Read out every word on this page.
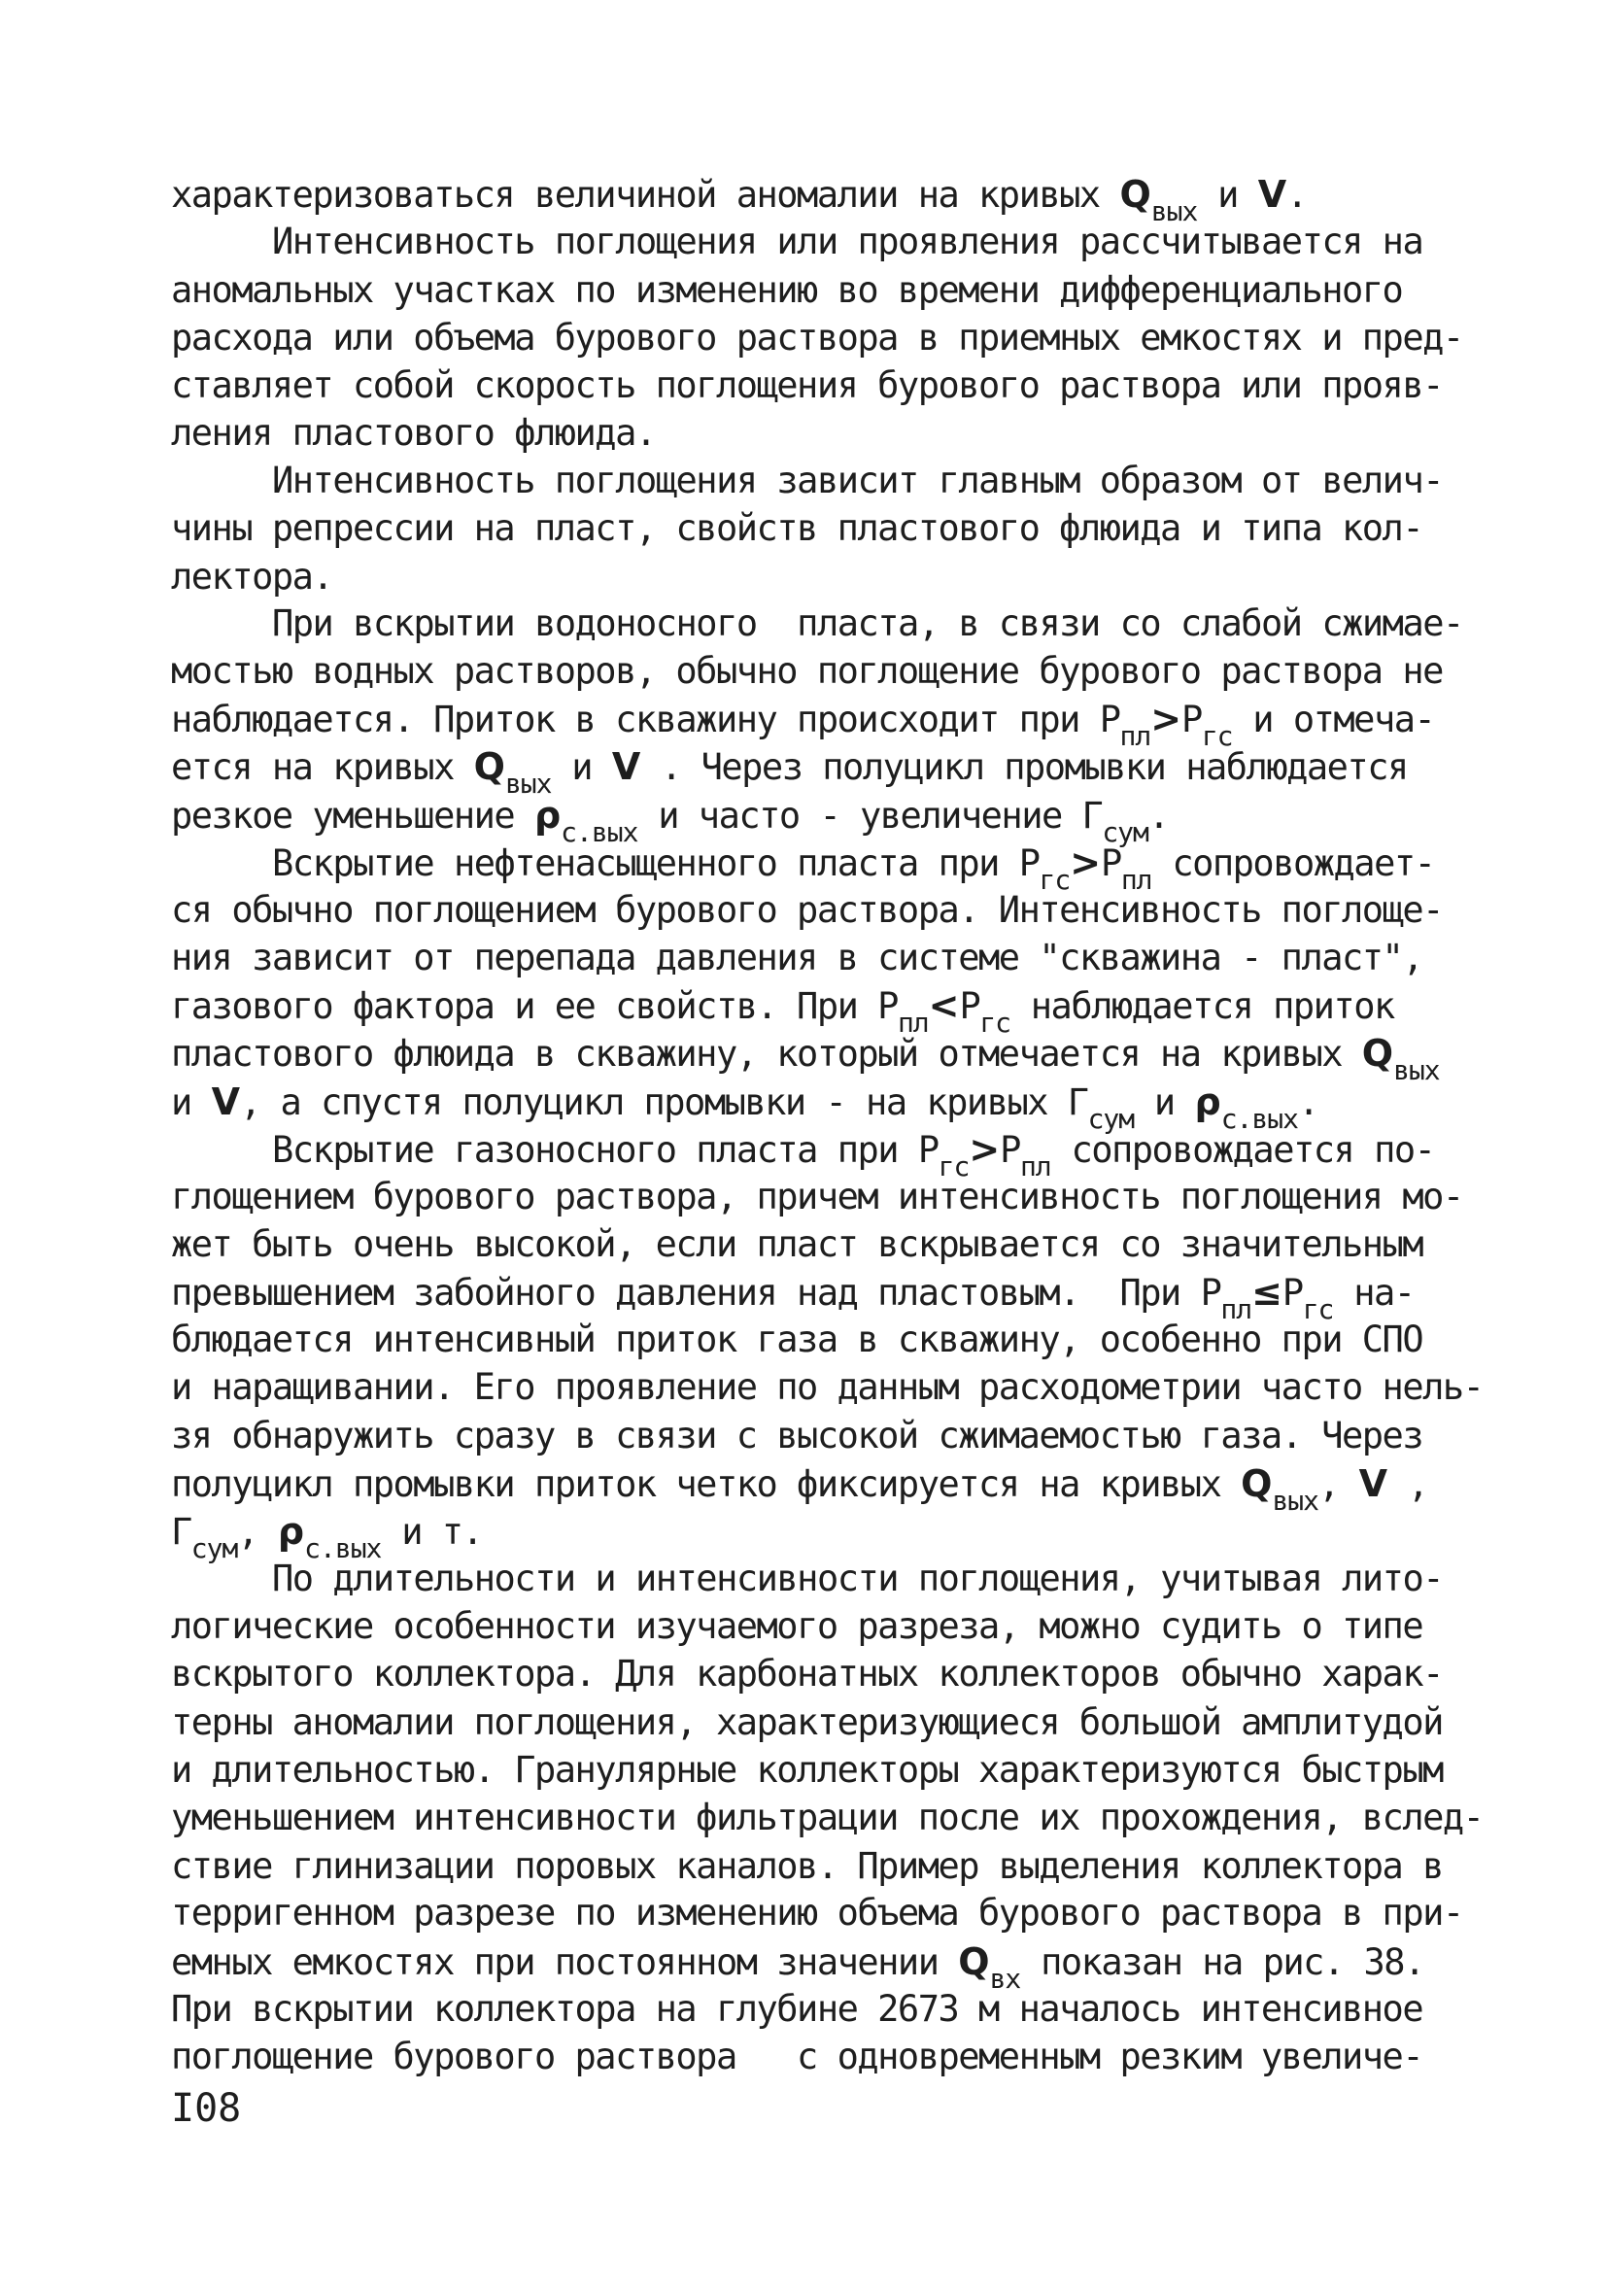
характеризоваться величиной аномалии на кривых $Q_{вых}$ и V.
Интенсивность поглощения или проявления рассчитывается на
аномальных участках по изменению во времени дифференциального
расхода или объема бурового раствора в приемных емкостях и пред-
ставляет собой скорость поглощения бурового раствора или прояв-
ления пластового флюида.
Интенсивность поглощения зависит главным образом от велич-
чины репрессии на пласт, свойств пластового флюида и типа кол-
лектора.
При вскрытии водоносного  пласта, в связи со слабой сжимае-
мостью водных растворов, обычно поглощение бурового раствора не
наблюдается. Приток в скважину происходит при $Р_{пл}>Р_{гс}$ и отмеча-
ется на кривых $Q_{вых}$ и V . Через полуцикл промывки наблюдается
резкое уменьшение $\rho_{с.вых}$ и часто - увеличение $Г_{сум}$.
Вскрытие нефтенасыщенного пласта при $Р_{гс}>Р_{пл}$ сопровождает-
ся обычно поглощением бурового раствора. Интенсивность поглоще-
ния зависит от перепада давления в системе "скважина - пласт",
газового фактора и ее свойств. При $Р_{пл}<Р_{гс}$ наблюдается приток
пластового флюида в скважину, который отмечается на кривых $Q_{вых}$
и V, а спустя полуцикл промывки - на кривых $Г_{сум}$ и $\rho_{с.вых}$.
Вскрытие газоносного пласта при $Р_{гс}>Р_{пл}$ сопровождается по-
глощением бурового раствора, причем интенсивность поглощения мо-
жет быть очень высокой, если пласт вскрывается со значительным
превышением забойного давления над пластовым.  При $Р_{пл}\le Р_{гс}$ на-
блюдается интенсивный приток газа в скважину, особенно при СПО
и наращивании. Его проявление по данным расходометрии часто нель-
зя обнаружить сразу в связи с высокой сжимаемостью газа. Через
полуцикл промывки приток четко фиксируется на кривых $Q_{вых}$, V ,
$Г_{сум}$, $\rho_{с.вых}$ и т.
По длительности и интенсивности поглощения, учитывая лито-
логические особенности изучаемого разреза, можно судить о типе
вскрытого коллектора. Для карбонатных коллекторов обычно харак-
терны аномалии поглощения, характеризующиеся большой амплитудой
и длительностью. Гранулярные коллекторы характеризуются быстрым
уменьшением интенсивности фильтрации после их прохождения, вслед-
ствие глинизации поровых каналов. Пример выделения коллектора в
терригенном разрезе по изменению объема бурового раствора в при-
емных емкостях при постоянном значении $Q_{вх}$ показан на рис. 38.
При вскрытии коллектора на глубине 2673 м началось интенсивное
поглощение бурового раствора   с одновременным резким увеличе-
I08
